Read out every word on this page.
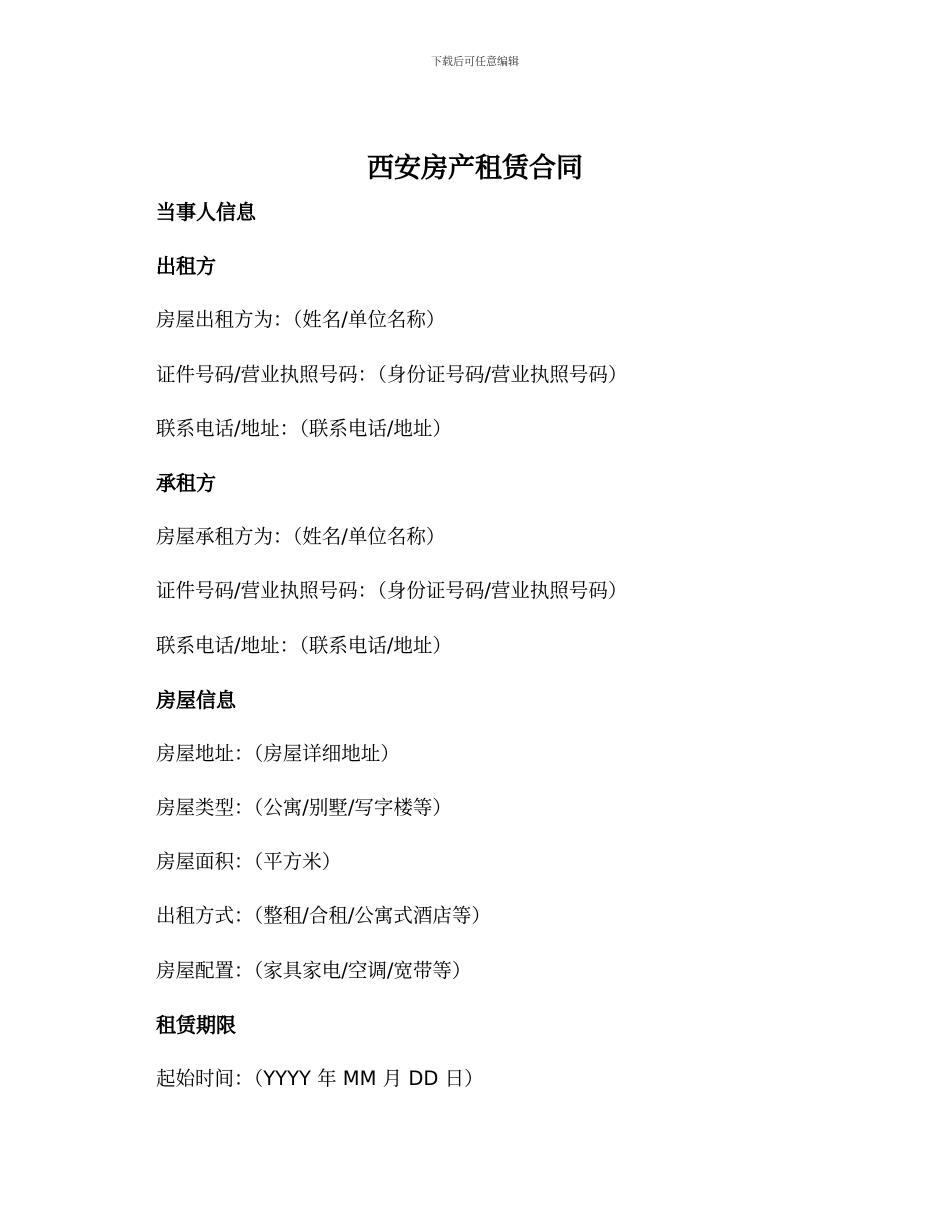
下载后可任意编辑
西安房产租赁合同
当事人信息
出租方
房屋出租方为：（姓名/单位名称）
证件号码/营业执照号码：（身份证号码/营业执照号码）
联系电话/地址：（联系电话/地址）
承租方
房屋承租方为：（姓名/单位名称）
证件号码/营业执照号码：（身份证号码/营业执照号码）
联系电话/地址：（联系电话/地址）
房屋信息
房屋地址：（房屋详细地址）
房屋类型：（公寓/别墅/写字楼等）
房屋面积：（平方米）
出租方式：（整租/合租/公寓式酒店等）
房屋配置：（家具家电/空调/宽带等）
租赁期限
起始时间：（YYYY 年 MM 月 DD 日）
